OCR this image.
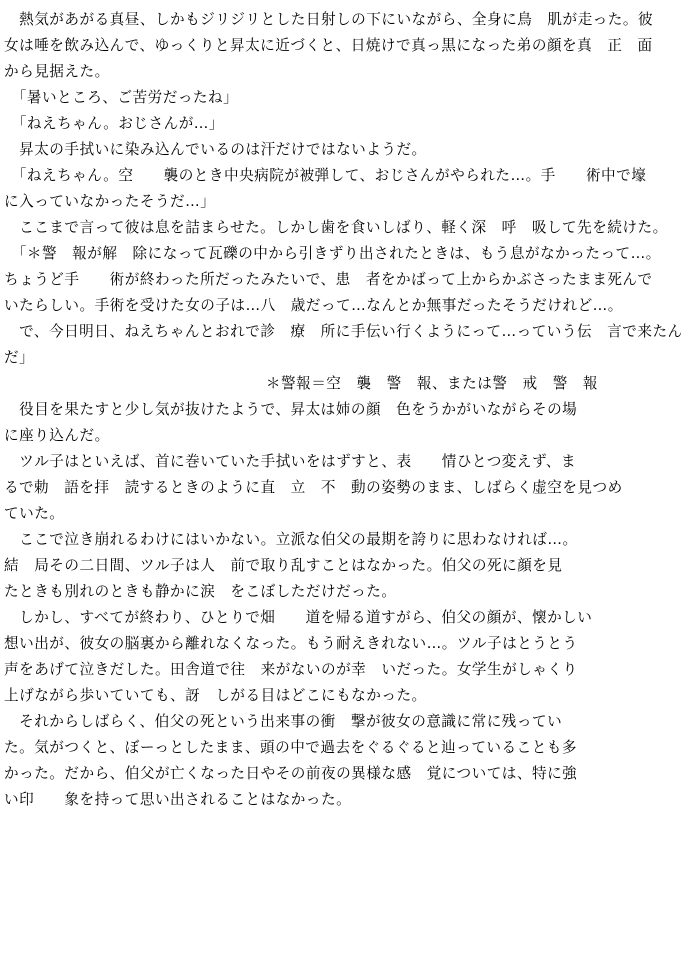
　熱気があがる真昼、しかもジリジリとした日射しの下にいながら、全身に鳥　肌が走った。彼
女は唾を飲み込んで、ゆっくりと昇太に近づくと、日焼けで真っ黒になった弟の顔を真　正　面
から見据えた。
　「暑いところ、ご苦労だったね」
　「ねえちゃん。おじさんが…」
　昇太の手拭いに染み込んでいるのは汗だけではないようだ。
　「ねえちゃん。空　　襲のとき中央病院が被弾して、おじさんがやられた…。手　　術中で壕
に入っていなかったそうだ…」
　ここまで言って彼は息を詰まらせた。しかし歯を食いしばり、軽く深　呼　吸して先を続けた。
　「＊警　報が解　除になって瓦礫の中から引きずり出されたときは、もう息がなかったって…。
ちょうど手　　術が終わった所だったみたいで、患　者をかばって上からかぶさったまま死んで
いたらしい。手術を受けた女の子は…八　歳だって…なんとか無事だったそうだけれど…。
　で、今日明日、ねえちゃんとおれで診　療　所に手伝い行くようにって…っていう伝　言で来たん
だ」
＊警報＝空　襲　警　報、または警　戒　警　報
　役目を果たすと少し気が抜けたようで、昇太は姉の顔　色をうかがいながらその場
に座り込んだ。
　ツル子はといえば、首に巻いていた手拭いをはずすと、表　　情ひとつ変えず、ま
るで勅　語を拝　読するときのように直　立　不　動の姿勢のまま、しばらく虚空を見つめ
ていた。
　ここで泣き崩れるわけにはいかない。立派な伯父の最期を誇りに思わなければ…。
結　局その二日間、ツル子は人　前で取り乱すことはなかった。伯父の死に顔を見
たときも別れのときも静かに涙　をこぼしただけだった。
　しかし、すべてが終わり、ひとりで畑　　道を帰る道すがら、伯父の顔が、懐かしい
想い出が、彼女の脳裏から離れなくなった。もう耐えきれない…。ツル子はとうとう
声をあげて泣きだした。田舎道で往　来がないのが幸　いだった。女学生がしゃくり
上げながら歩いていても、訝　しがる目はどこにもなかった。
　それからしばらく、伯父の死という出来事の衝　撃が彼女の意識に常に残ってい
た。気がつくと、ぼーっとしたまま、頭の中で過去をぐるぐると辿っていることも多
かった。だから、伯父が亡くなった日やその前夜の異様な感　覚については、特に強
い印　　象を持って思い出されることはなかった。
